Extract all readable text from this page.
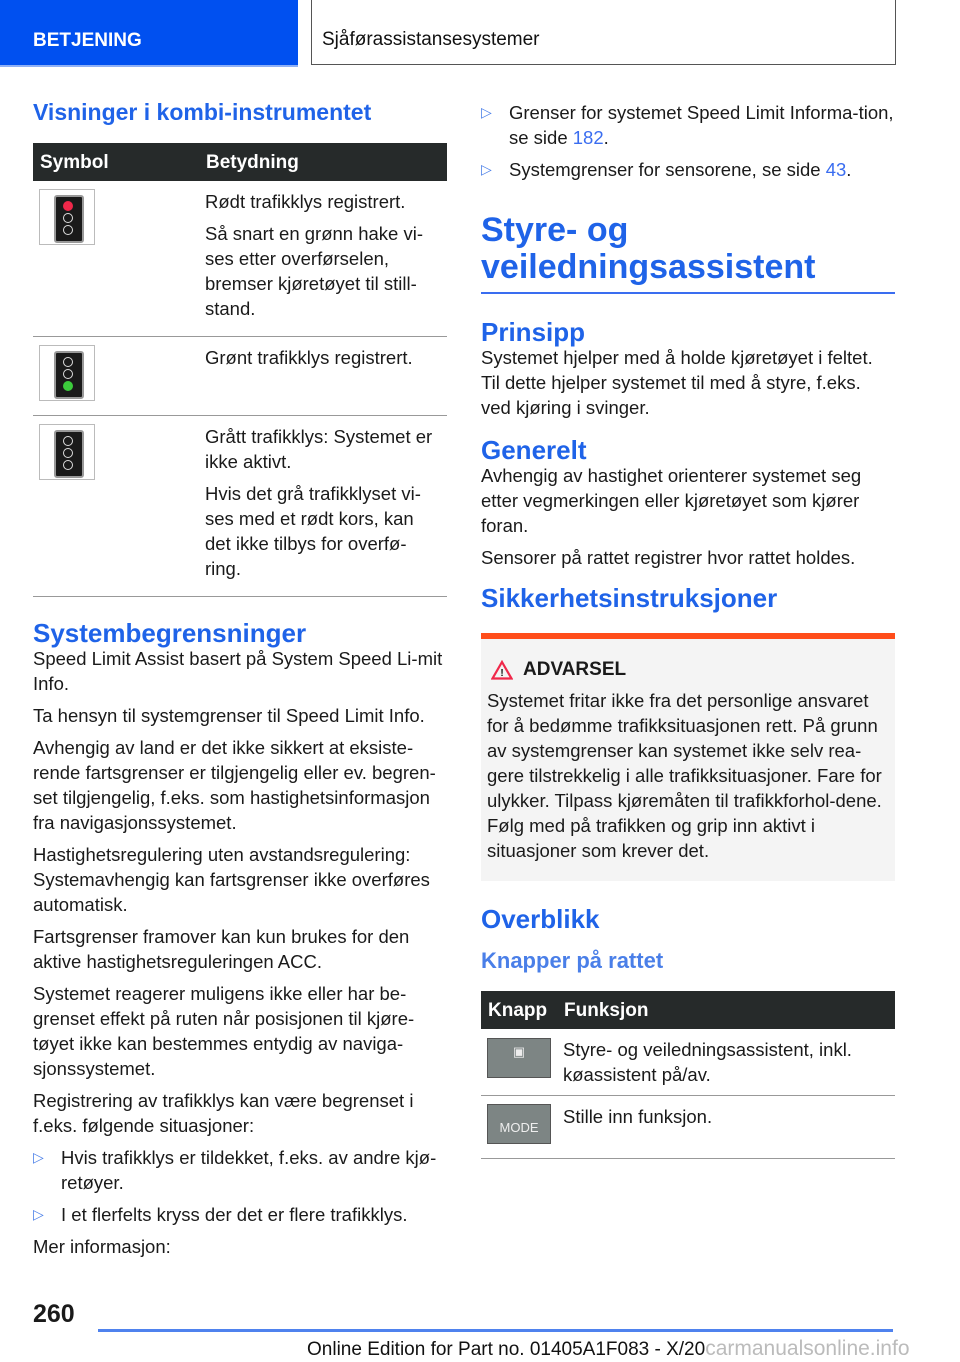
BETJENING	Sjåførassistansesystemer
Visninger i kombi-instrumentet
Symbol	Betydning

	Rødt trafikklys registrert.

Så snart en grønn hake vi-ses etter overførselen, bremser kjøretøyet til still-stand.

	Grønt trafikklys registrert.

	Grått trafikklys: Systemet er ikke aktivt.

Hvis det grå trafikklyset vi-ses med et rødt kors, kan det ikke tilbys for overfø-ring.

Systembegrensninger

Speed Limit Assist basert på System Speed Li-mit Info.

Ta hensyn til systemgrenser til Speed Limit Info.

Avhengig av land er det ikke sikkert at eksiste-rende fartsgrenser er tilgjengelig eller ev. begren-set tilgjengelig, f.eks. som hastighetsinformasjon fra navigasjonssystemet.

Hastighetsregulering uten avstandsregulering: Systemavhengig kan fartsgrenser ikke overføres automatisk.

Fartsgrenser framover kan kun brukes for den aktive hastighetsreguleringen ACC.

Systemet reagerer muligens ikke eller har be-grenset effekt på ruten når posisjonen til kjøre-tøyet ikke kan bestemmes entydig av naviga-sjonssystemet.

Registrering av trafikklys kan være begrenset i f.eks. følgende situasjoner:

▷ Hvis trafikklys er tildekket, f.eks. av andre kjø-retøyer.
▷ I et flerfelts kryss der det er flere trafikklys.

Mer informasjon:

▷ Grenser for systemet Speed Limit Informa-tion, se side 182.
▷ Systemgrenser for sensorene, se side 43.
Styre- og
veiledningsassistent
Prinsipp

Systemet hjelper med å holde kjøretøyet i feltet. Til dette hjelper systemet til med å styre, f.eks. ved kjøring i svinger.

Generelt

Avhengig av hastighet orienterer systemet seg etter vegmerkingen eller kjøretøyet som kjører foran.

Sensorer på rattet registrer hvor rattet holdes.

Sikkerhetsinstruksjoner
! ADVARSEL
Systemet fritar ikke fra det personlige ansvaret for å bedømme trafikksituasjonen rett. På grunn av systemgrenser kan systemet ikke selv rea-gere tilstrekkelig i alle trafikksituasjoner. Fare for ulykker. Tilpass kjøremåten til trafikkforhol-dene. Følg med på trafikken og grip inn aktivt i situasjoner som krever det.
Overblikk
Knapper på rattet
Knapp	Funksjon
▣	Styre- og veiledningsassistent, inkl. køassistent på/av.

MODE	Stille inn funksjon.
260
Online Edition for Part no. 01405A1F083 - X/20carmanualsonline.info
